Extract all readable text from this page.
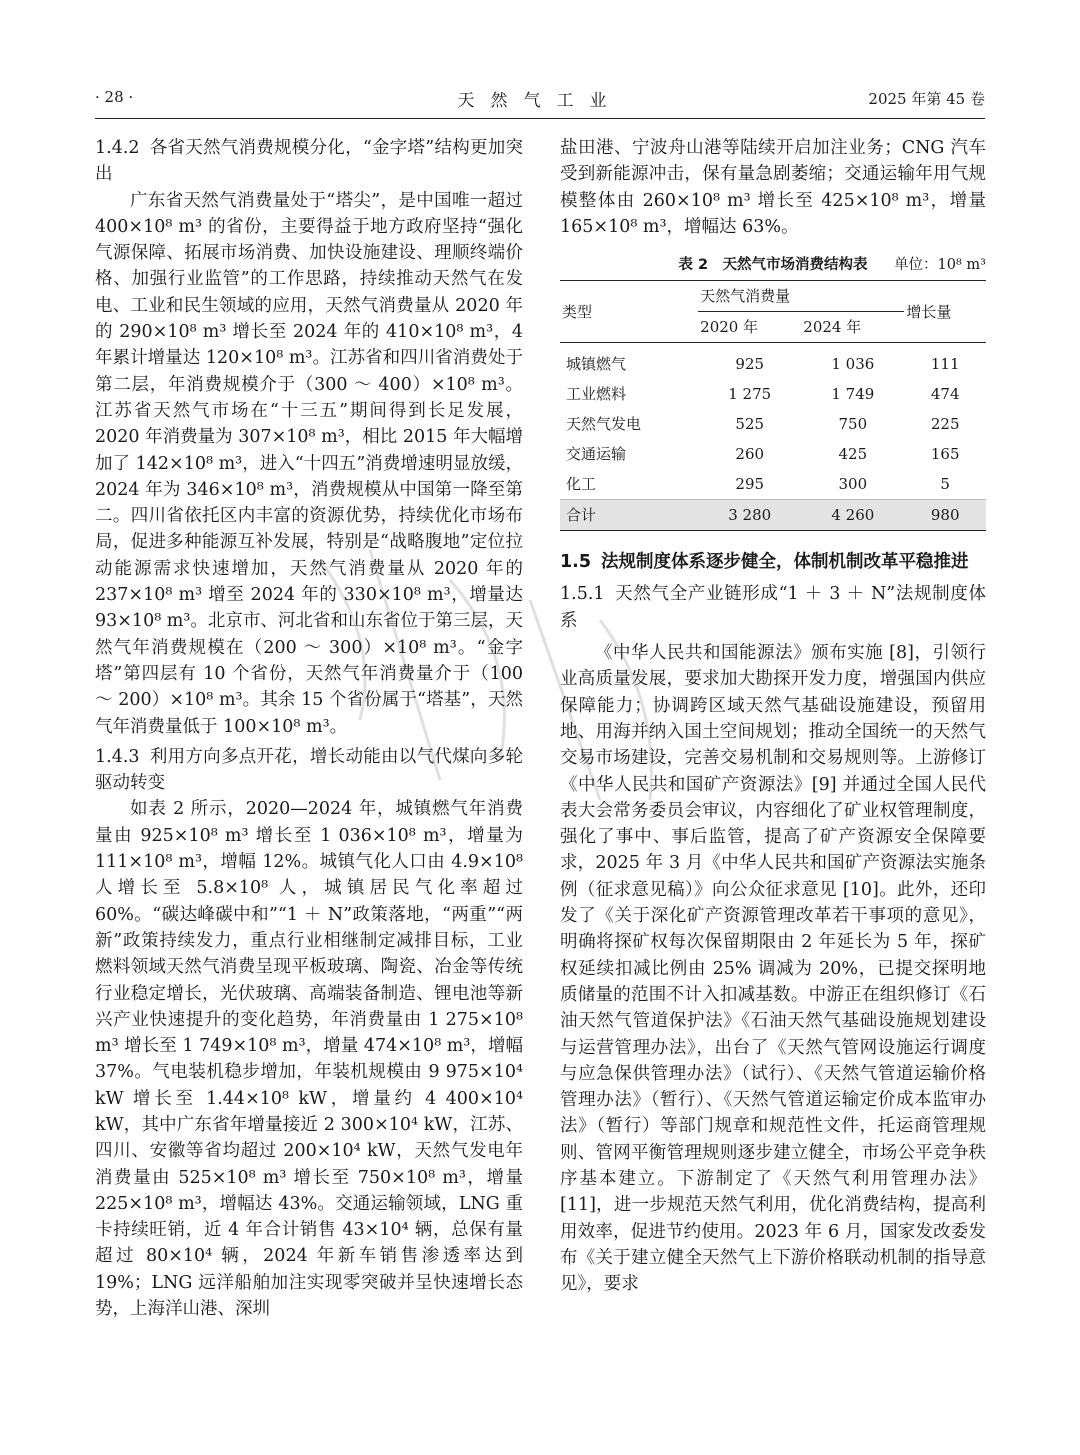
· 28 ·	天然气工业	2025 年第 45 卷
1.4.2 各省天然气消费规模分化，“金字塔”结构更加突出

广东省天然气消费量处于“塔尖”，是中国唯一超过 400×10⁸ m³ 的省份，主要得益于地方政府坚持“强化气源保障、拓展市场消费、加快设施建设、理顺终端价格、加强行业监管”的工作思路，持续推动天然气在发电、工业和民生领域的应用，天然气消费量从 2020 年的 290×10⁸ m³ 增长至 2024 年的 410×10⁸ m³，4 年累计增量达 120×10⁸ m³。江苏省和四川省消费处于第二层，年消费规模介于（300 ～ 400）×10⁸ m³。江苏省天然气市场在“十三五”期间得到长足发展，2020 年消费量为 307×10⁸ m³，相比 2015 年大幅增加了 142×10⁸ m³，进入“十四五”消费增速明显放缓，2024 年为 346×10⁸ m³，消费规模从中国第一降至第二。四川省依托区内丰富的资源优势，持续优化市场布局，促进多种能源互补发展，特别是“战略腹地”定位拉动能源需求快速增加，天然气消费量从 2020 年的 237×10⁸ m³ 增至 2024 年的 330×10⁸ m³，增量达 93×10⁸ m³。北京市、河北省和山东省位于第三层，天然气年消费规模在（200 ～ 300）×10⁸ m³。“金字塔”第四层有 10 个省份，天然气年消费量介于（100 ～ 200）×10⁸ m³。其余 15 个省份属于“塔基”，天然气年消费量低于 100×10⁸ m³。

1.4.3 利用方向多点开花，增长动能由以气代煤向多轮驱动转变

如表 2 所示，2020—2024 年，城镇燃气年消费量由 925×10⁸ m³ 增长至 1 036×10⁸ m³，增量为 111×10⁸ m³，增幅 12%。城镇气化人口由 4.9×10⁸ 人增长至 5.8×10⁸ 人，城镇居民气化率超过 60%。“碳达峰碳中和”“1 ＋ N”政策落地，“两重”“两新”政策持续发力，重点行业相继制定减排目标，工业燃料领域天然气消费呈现平板玻璃、陶瓷、冶金等传统行业稳定增长，光伏玻璃、高端装备制造、锂电池等新兴产业快速提升的变化趋势，年消费量由 1 275×10⁸ m³ 增长至 1 749×10⁸ m³，增量 474×10⁸ m³，增幅 37%。气电装机稳步增加，年装机规模由 9 975×10⁴ kW 增长至 1.44×10⁸ kW，增量约 4 400×10⁴ kW，其中广东省年增量接近 2 300×10⁴ kW，江苏、四川、安徽等省均超过 200×10⁴ kW，天然气发电年消费量由 525×10⁸ m³ 增长至 750×10⁸ m³，增量 225×10⁸ m³，增幅达 43%。交通运输领域，LNG 重卡持续旺销，近 4 年合计销售 43×10⁴ 辆，总保有量超过 80×10⁴ 辆，2024 年新车销售渗透率达到 19%；LNG 远洋船舶加注实现零突破并呈快速增长态势，上海洋山港、深圳

盐田港、宁波舟山港等陆续开启加注业务；CNG 汽车受到新能源冲击，保有量急剧萎缩；交通运输年用气规模整体由 260×10⁸ m³ 增长至 425×10⁸ m³，增量 165×10⁸ m³，增幅达 63%。

表 2　天然气市场消费结构表	单位：10⁸ m³
类型	天然气消费量		增长量
	2020 年	2024 年	
城镇燃气	925	1 036	111
工业燃料	1 275	1 749	474
天然气发电	525	750	225
交通运输	260	425	165
化工	295	300	5
合计	3 280	4 260	980
1.5 法规制度体系逐步健全，体制机制改革平稳推进
1.5.1 天然气全产业链形成“1 ＋ 3 ＋ N”法规制度体系

《中华人民共和国能源法》颁布实施 [8]，引领行业高质量发展，要求加大勘探开发力度，增强国内供应保障能力；协调跨区域天然气基础设施建设，预留用地、用海并纳入国土空间规划；推动全国统一的天然气交易市场建设，完善交易机制和交易规则等。上游修订《中华人民共和国矿产资源法》[9] 并通过全国人民代表大会常务委员会审议，内容细化了矿业权管理制度，强化了事中、事后监管，提高了矿产资源安全保障要求，2025 年 3 月《中华人民共和国矿产资源法实施条例（征求意见稿）》向公众征求意见 [10]。此外，还印发了《关于深化矿产资源管理改革若干事项的意见》，明确将探矿权每次保留期限由 2 年延长为 5 年，探矿权延续扣减比例由 25% 调减为 20%，已提交探明地质储量的范围不计入扣减基数。中游正在组织修订《石油天然气管道保护法》《石油天然气基础设施规划建设与运营管理办法》，出台了《天然气管网设施运行调度与应急保供管理办法》（试行）、《天然气管道运输价格管理办法》（暂行）、《天然气管道运输定价成本监审办法》（暂行）等部门规章和规范性文件，托运商管理规则、管网平衡管理规则逐步建立健全，市场公平竞争秩序基本建立。下游制定了《天然气利用管理办法》[11]，进一步规范天然气利用，优化消费结构，提高利用效率，促进节约使用。2023 年 6 月，国家发改委发布《关于建立健全天然气上下游价格联动机制的指导意见》，要求
